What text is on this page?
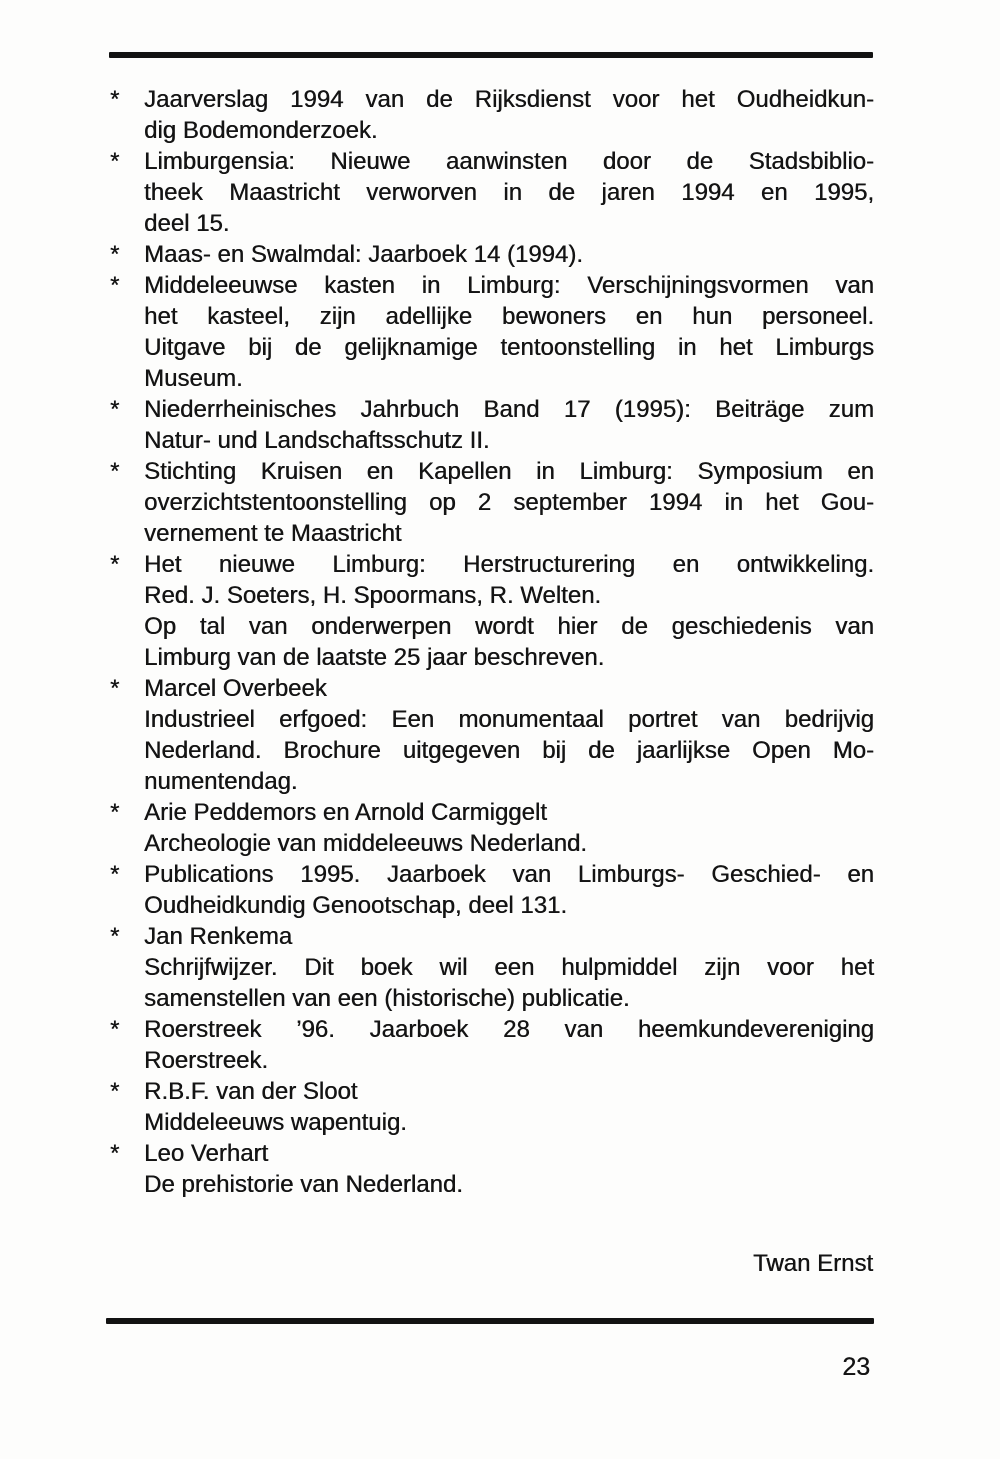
*	Jaarverslag 1994 van de Rijksdienst voor het Oudheidkun-
dig Bodemonderzoek.
*	Limburgensia: Nieuwe aanwinsten door de Stadsbiblio-
theek Maastricht verworven in de jaren 1994 en 1995,
deel 15.
*	Maas- en Swalmdal: Jaarboek 14 (1994).
*	Middeleeuwse kasten in Limburg: Verschijningsvormen van
het kasteel, zijn adellijke bewoners en hun personeel.
Uitgave bij de gelijknamige tentoonstelling in het Limburgs
Museum.
*	Niederrheinisches Jahrbuch Band 17 (1995): Beiträge zum
Natur- und Landschaftsschutz II.
*	Stichting Kruisen en Kapellen in Limburg: Symposium en
overzichtstentoonstelling op 2 september 1994 in het Gou-
vernement te Maastricht
*	Het nieuwe Limburg: Herstructurering en ontwikkeling.
Red. J. Soeters, H. Spoormans, R. Welten.
Op tal van onderwerpen wordt hier de geschiedenis van
Limburg van de laatste 25 jaar beschreven.
*	Marcel Overbeek
Industrieel erfgoed: Een monumentaal portret van bedrijvig
Nederland. Brochure uitgegeven bij de jaarlijkse Open Mo-
numentendag.
*	Arie Peddemors en Arnold Carmiggelt
Archeologie van middeleeuws Nederland.
*	Publications 1995. Jaarboek van Limburgs- Geschied- en
Oudheidkundig Genootschap, deel 131.
*	Jan Renkema
Schrijfwijzer. Dit boek wil een hulpmiddel zijn voor het
samenstellen van een (historische) publicatie.
*	Roerstreek ’96. Jaarboek 28 van heemkundevereniging
Roerstreek.
*	R.B.F. van der Sloot
Middeleeuws wapentuig.
*	Leo Verhart
De prehistorie van Nederland.
Twan Ernst
23
